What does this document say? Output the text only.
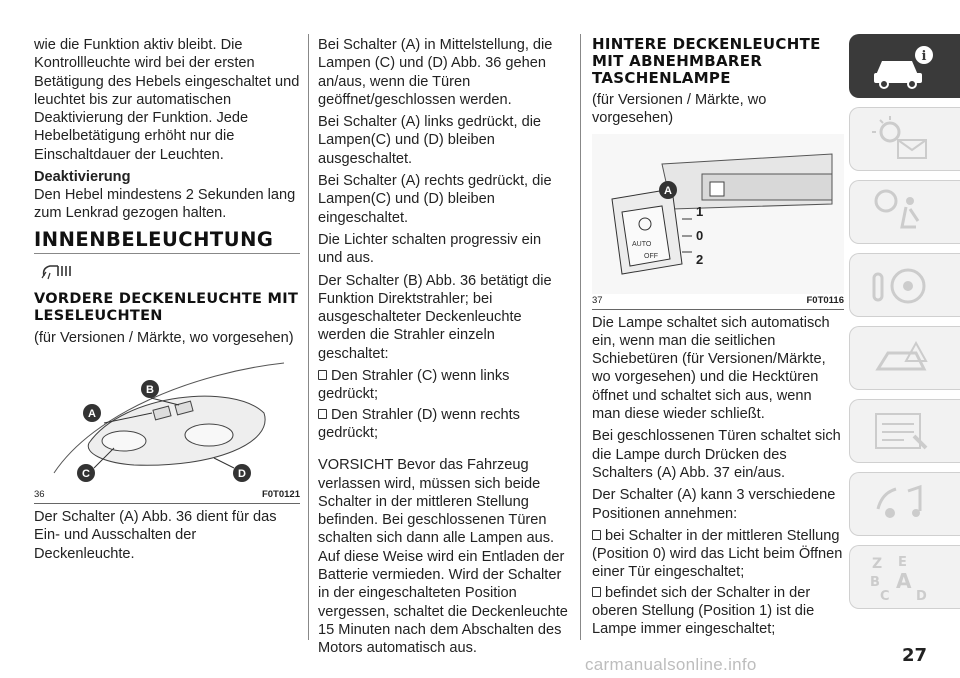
wie die Funktion aktiv bleibt. Die Kontrollleuchte wird bei der ersten Betätigung des Hebels eingeschaltet und leuchtet bis zur automatischen Deaktivierung der Funktion. Jede Hebelbetätigung erhöht nur die Einschaltdauer der Leuchten.

Deaktivierung

Den Hebel mindestens 2 Sekunden lang zum Lenkrad gezogen halten.

INNENBELEUCHTUNG
VORDERE DECKENLEUCHTE MIT LESELEUCHTEN

(für Versionen / Märkte, wo vorgesehen)

A
B
C	D
36	F0T0121

Der Schalter (A) Abb. 36 dient für das Ein- und Ausschalten der Deckenleuchte.

Bei Schalter (A) in Mittelstellung, die Lampen (C) und (D) Abb. 36 gehen an/aus, wenn die Türen geöffnet/geschlossen werden.

Bei Schalter (A) links gedrückt, die Lampen(C) und (D) bleiben ausgeschaltet.

Bei Schalter (A) rechts gedrückt, die Lampen(C) und (D) bleiben eingeschaltet.

Die Lichter schalten progressiv ein und aus.

Der Schalter (B) Abb. 36 betätigt die Funktion Direktstrahler; bei ausgeschalteter Deckenleuchte werden die Strahler einzeln geschaltet:

Den Strahler (C) wenn links gedrückt;
Den Strahler (D) wenn rechts gedrückt;

VORSICHT Bevor das Fahrzeug verlassen wird, müssen sich beide Schalter in der mittleren Stellung befinden. Bei geschlossenen Türen schalten sich dann alle Lampen aus. Auf diese Weise wird ein Entladen der Batterie vermieden. Wird der Schalter in der eingeschalteten Position vergessen, schaltet die Deckenleuchte 15 Minuten nach dem Abschalten des Motors automatisch aus.

HINTERE DECKENLEUCHTE MIT ABNEHMBARER TASCHENLAMPE

(für Versionen / Märkte, wo vorgesehen)

A
1
0
2
AUTO
OFF
37	F0T0116

Die Lampe schaltet sich automatisch ein, wenn man die seitlichen Schiebetüren (für Versionen/Märkte, wo vorgesehen) und die Hecktüren öffnet und schaltet sich aus, wenn man diese wieder schließt.

Bei geschlossenen Türen schaltet sich die Lampe durch Drücken des Schalters (A) Abb. 37 ein/aus.

Der Schalter (A) kann 3 verschiedene Positionen annehmen:

bei Schalter in der mittleren Stellung (Position 0) wird das Licht beim Öffnen einer Tür eingeschaltet;
befindet sich der Schalter in der oberen Stellung (Position 1) ist die Lampe immer eingeschaltet;
i
Z E
B A
C D
carmanualsonline.info	27
